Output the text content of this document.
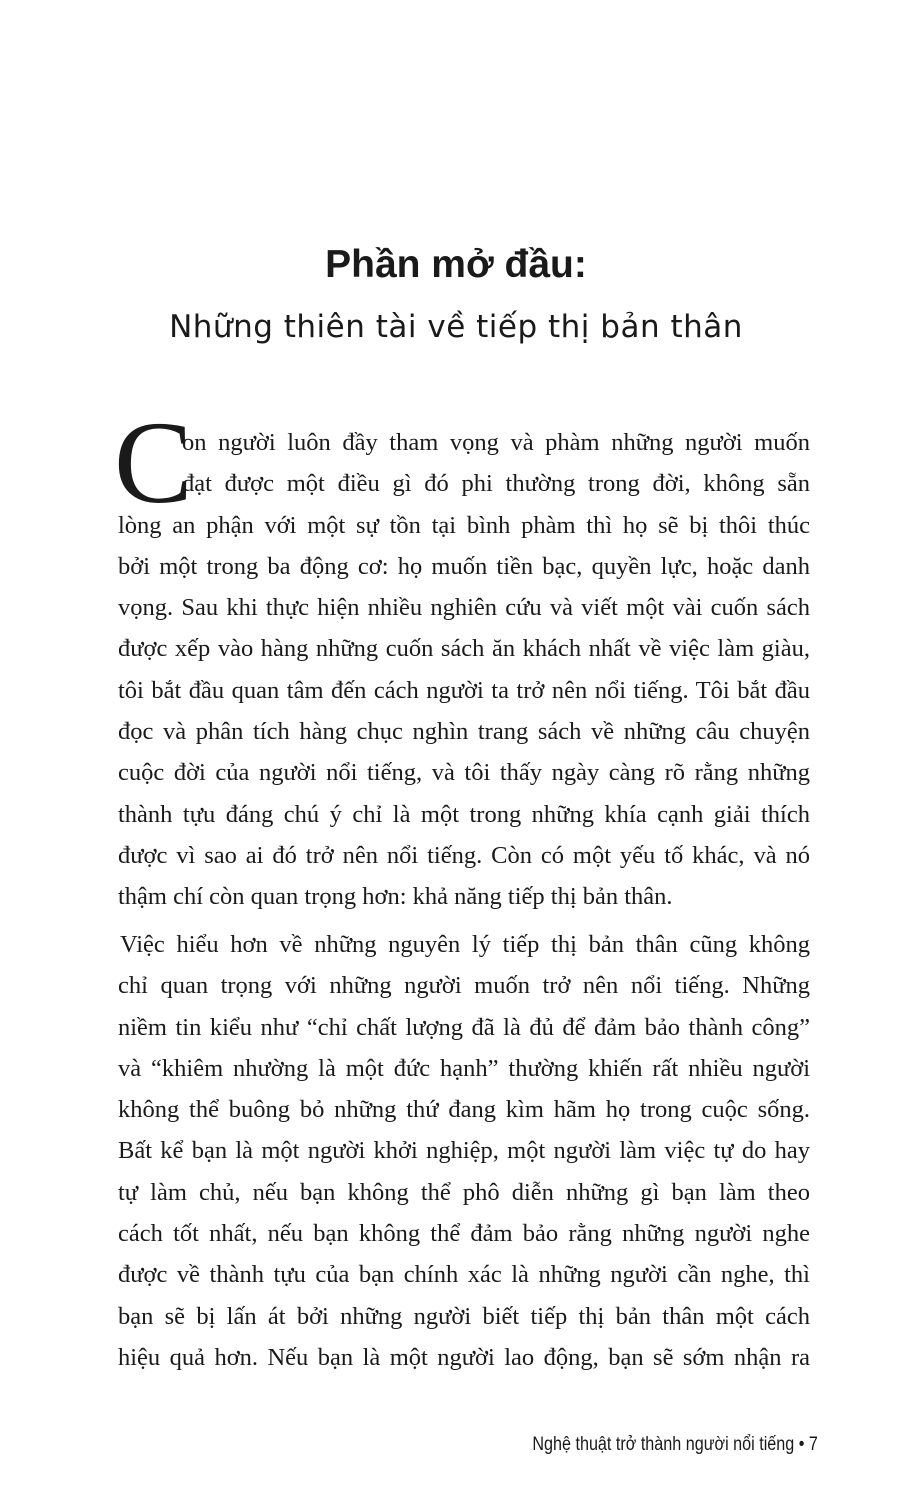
Phần mở đầu:
Những thiên tài về tiếp thị bản thân
C
on người luôn đầy tham vọng và phàm những người muốn
đạt được một điều gì đó phi thường trong đời, không sẵn
lòng an phận với một sự tồn tại bình phàm thì họ sẽ bị thôi thúc
bởi một trong ba động cơ: họ muốn tiền bạc, quyền lực, hoặc danh
vọng. Sau khi thực hiện nhiều nghiên cứu và viết một vài cuốn sách
được xếp vào hàng những cuốn sách ăn khách nhất về việc làm giàu,
tôi bắt đầu quan tâm đến cách người ta trở nên nổi tiếng. Tôi bắt đầu
đọc và phân tích hàng chục nghìn trang sách về những câu chuyện
cuộc đời của người nổi tiếng, và tôi thấy ngày càng rõ rằng những
thành tựu đáng chú ý chỉ là một trong những khía cạnh giải thích
được vì sao ai đó trở nên nổi tiếng. Còn có một yếu tố khác, và nó
thậm chí còn quan trọng hơn: khả năng tiếp thị bản thân.
Việc hiểu hơn về những nguyên lý tiếp thị bản thân cũng không
chỉ quan trọng với những người muốn trở nên nổi tiếng. Những
niềm tin kiểu như “chỉ chất lượng đã là đủ để đảm bảo thành công”
và “khiêm nhường là một đức hạnh” thường khiến rất nhiều người
không thể buông bỏ những thứ đang kìm hãm họ trong cuộc sống.
Bất kể bạn là một người khởi nghiệp, một người làm việc tự do hay
tự làm chủ, nếu bạn không thể phô diễn những gì bạn làm theo
cách tốt nhất, nếu bạn không thể đảm bảo rằng những người nghe
được về thành tựu của bạn chính xác là những người cần nghe, thì
bạn sẽ bị lấn át bởi những người biết tiếp thị bản thân một cách
hiệu quả hơn. Nếu bạn là một người lao động, bạn sẽ sớm nhận ra
Nghệ thuật trở thành người nổi tiếng • 7
